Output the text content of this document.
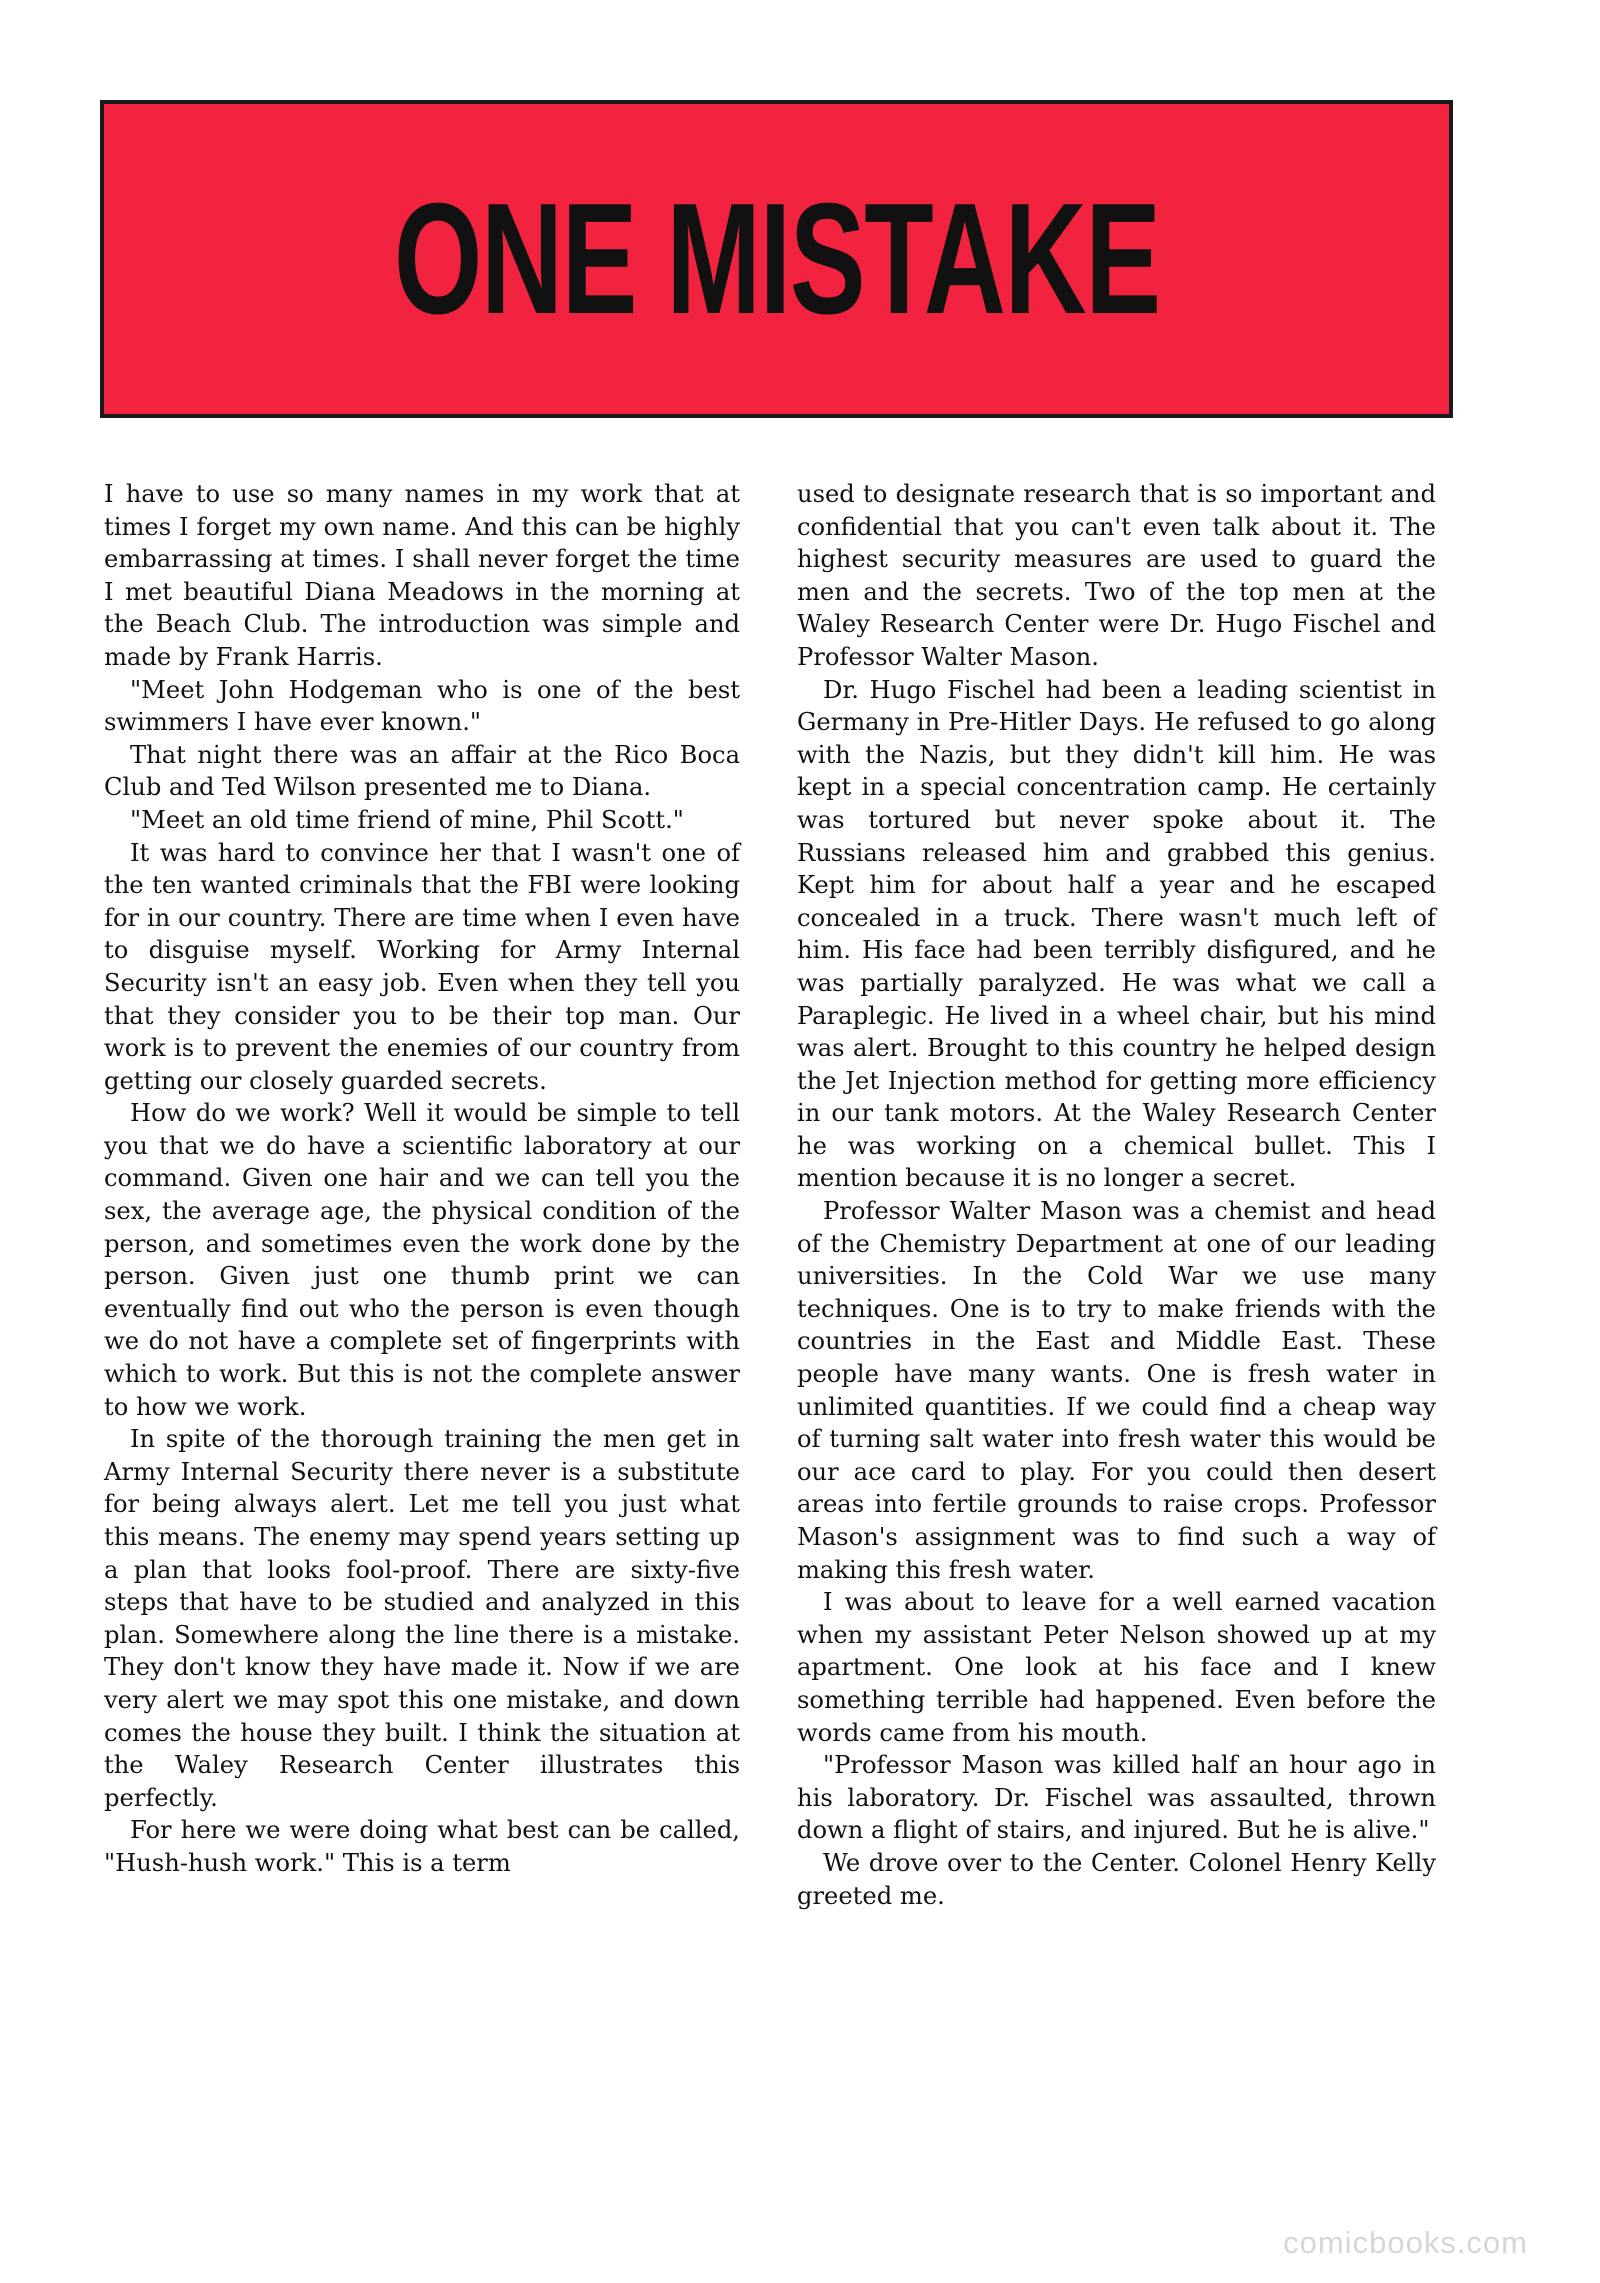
ONE MISTAKE

I have to use so many names in my work that at times I forget my own name. And this can be highly embarrassing at times. I shall never forget the time I met beautiful Diana Meadows in the morning at the Beach Club. The introduction was simple and made by Frank Harris.

"Meet John Hodgeman who is one of the best swimmers I have ever known."

That night there was an affair at the Rico Boca Club and Ted Wilson presented me to Diana.

"Meet an old time friend of mine, Phil Scott."

It was hard to convince her that I wasn't one of the ten wanted criminals that the FBI were looking for in our country. There are time when I even have to disguise myself. Working for Army Internal Security isn't an easy job. Even when they tell you that they consider you to be their top man. Our work is to prevent the enemies of our country from getting our closely guarded secrets.

How do we work? Well it would be simple to tell you that we do have a scientific laboratory at our command. Given one hair and we can tell you the sex, the average age, the physical condition of the person, and sometimes even the work done by the person. Given just one thumb print we can eventually find out who the person is even though we do not have a complete set of fingerprints with which to work. But this is not the complete answer to how we work.

In spite of the thorough training the men get in Army Internal Security there never is a substitute for being always alert. Let me tell you just what this means. The enemy may spend years setting up a plan that looks fool-proof. There are sixty-five steps that have to be studied and analyzed in this plan. Somewhere along the line there is a mistake. They don't know they have made it. Now if we are very alert we may spot this one mistake, and down comes the house they built. I think the situation at the Waley Research Center illustrates this perfectly.

For here we were doing what best can be called, "Hush-hush work." This is a term

used to designate research that is so important and confidential that you can't even talk about it. The highest security measures are used to guard the men and the secrets. Two of the top men at the Waley Research Center were Dr. Hugo Fischel and Professor Walter Mason.

Dr. Hugo Fischel had been a leading scientist in Germany in Pre-Hitler Days. He refused to go along with the Nazis, but they didn't kill him. He was kept in a special concentration camp. He certainly was tortured but never spoke about it. The Russians released him and grabbed this genius. Kept him for about half a year and he escaped concealed in a truck. There wasn't much left of him. His face had been terribly disfigured, and he was partially paralyzed. He was what we call a Paraplegic. He lived in a wheel chair, but his mind was alert. Brought to this country he helped design the Jet Injection method for getting more efficiency in our tank motors. At the Waley Research Center he was working on a chemical bullet. This I mention because it is no longer a secret.

Professor Walter Mason was a chemist and head of the Chemistry Department at one of our leading universities. In the Cold War we use many techniques. One is to try to make friends with the countries in the East and Middle East. These people have many wants. One is fresh water in unlimited quantities. If we could find a cheap way of turning salt water into fresh water this would be our ace card to play. For you could then desert areas into fertile grounds to raise crops. Professor Mason's assignment was to find such a way of making this fresh water.

I was about to leave for a well earned vacation when my assistant Peter Nelson showed up at my apartment. One look at his face and I knew something terrible had happened. Even before the words came from his mouth.

"Professor Mason was killed half an hour ago in his laboratory. Dr. Fischel was assaulted, thrown down a flight of stairs, and injured. But he is alive."

We drove over to the Center. Colonel Henry Kelly greeted me.

comicbooks.com
